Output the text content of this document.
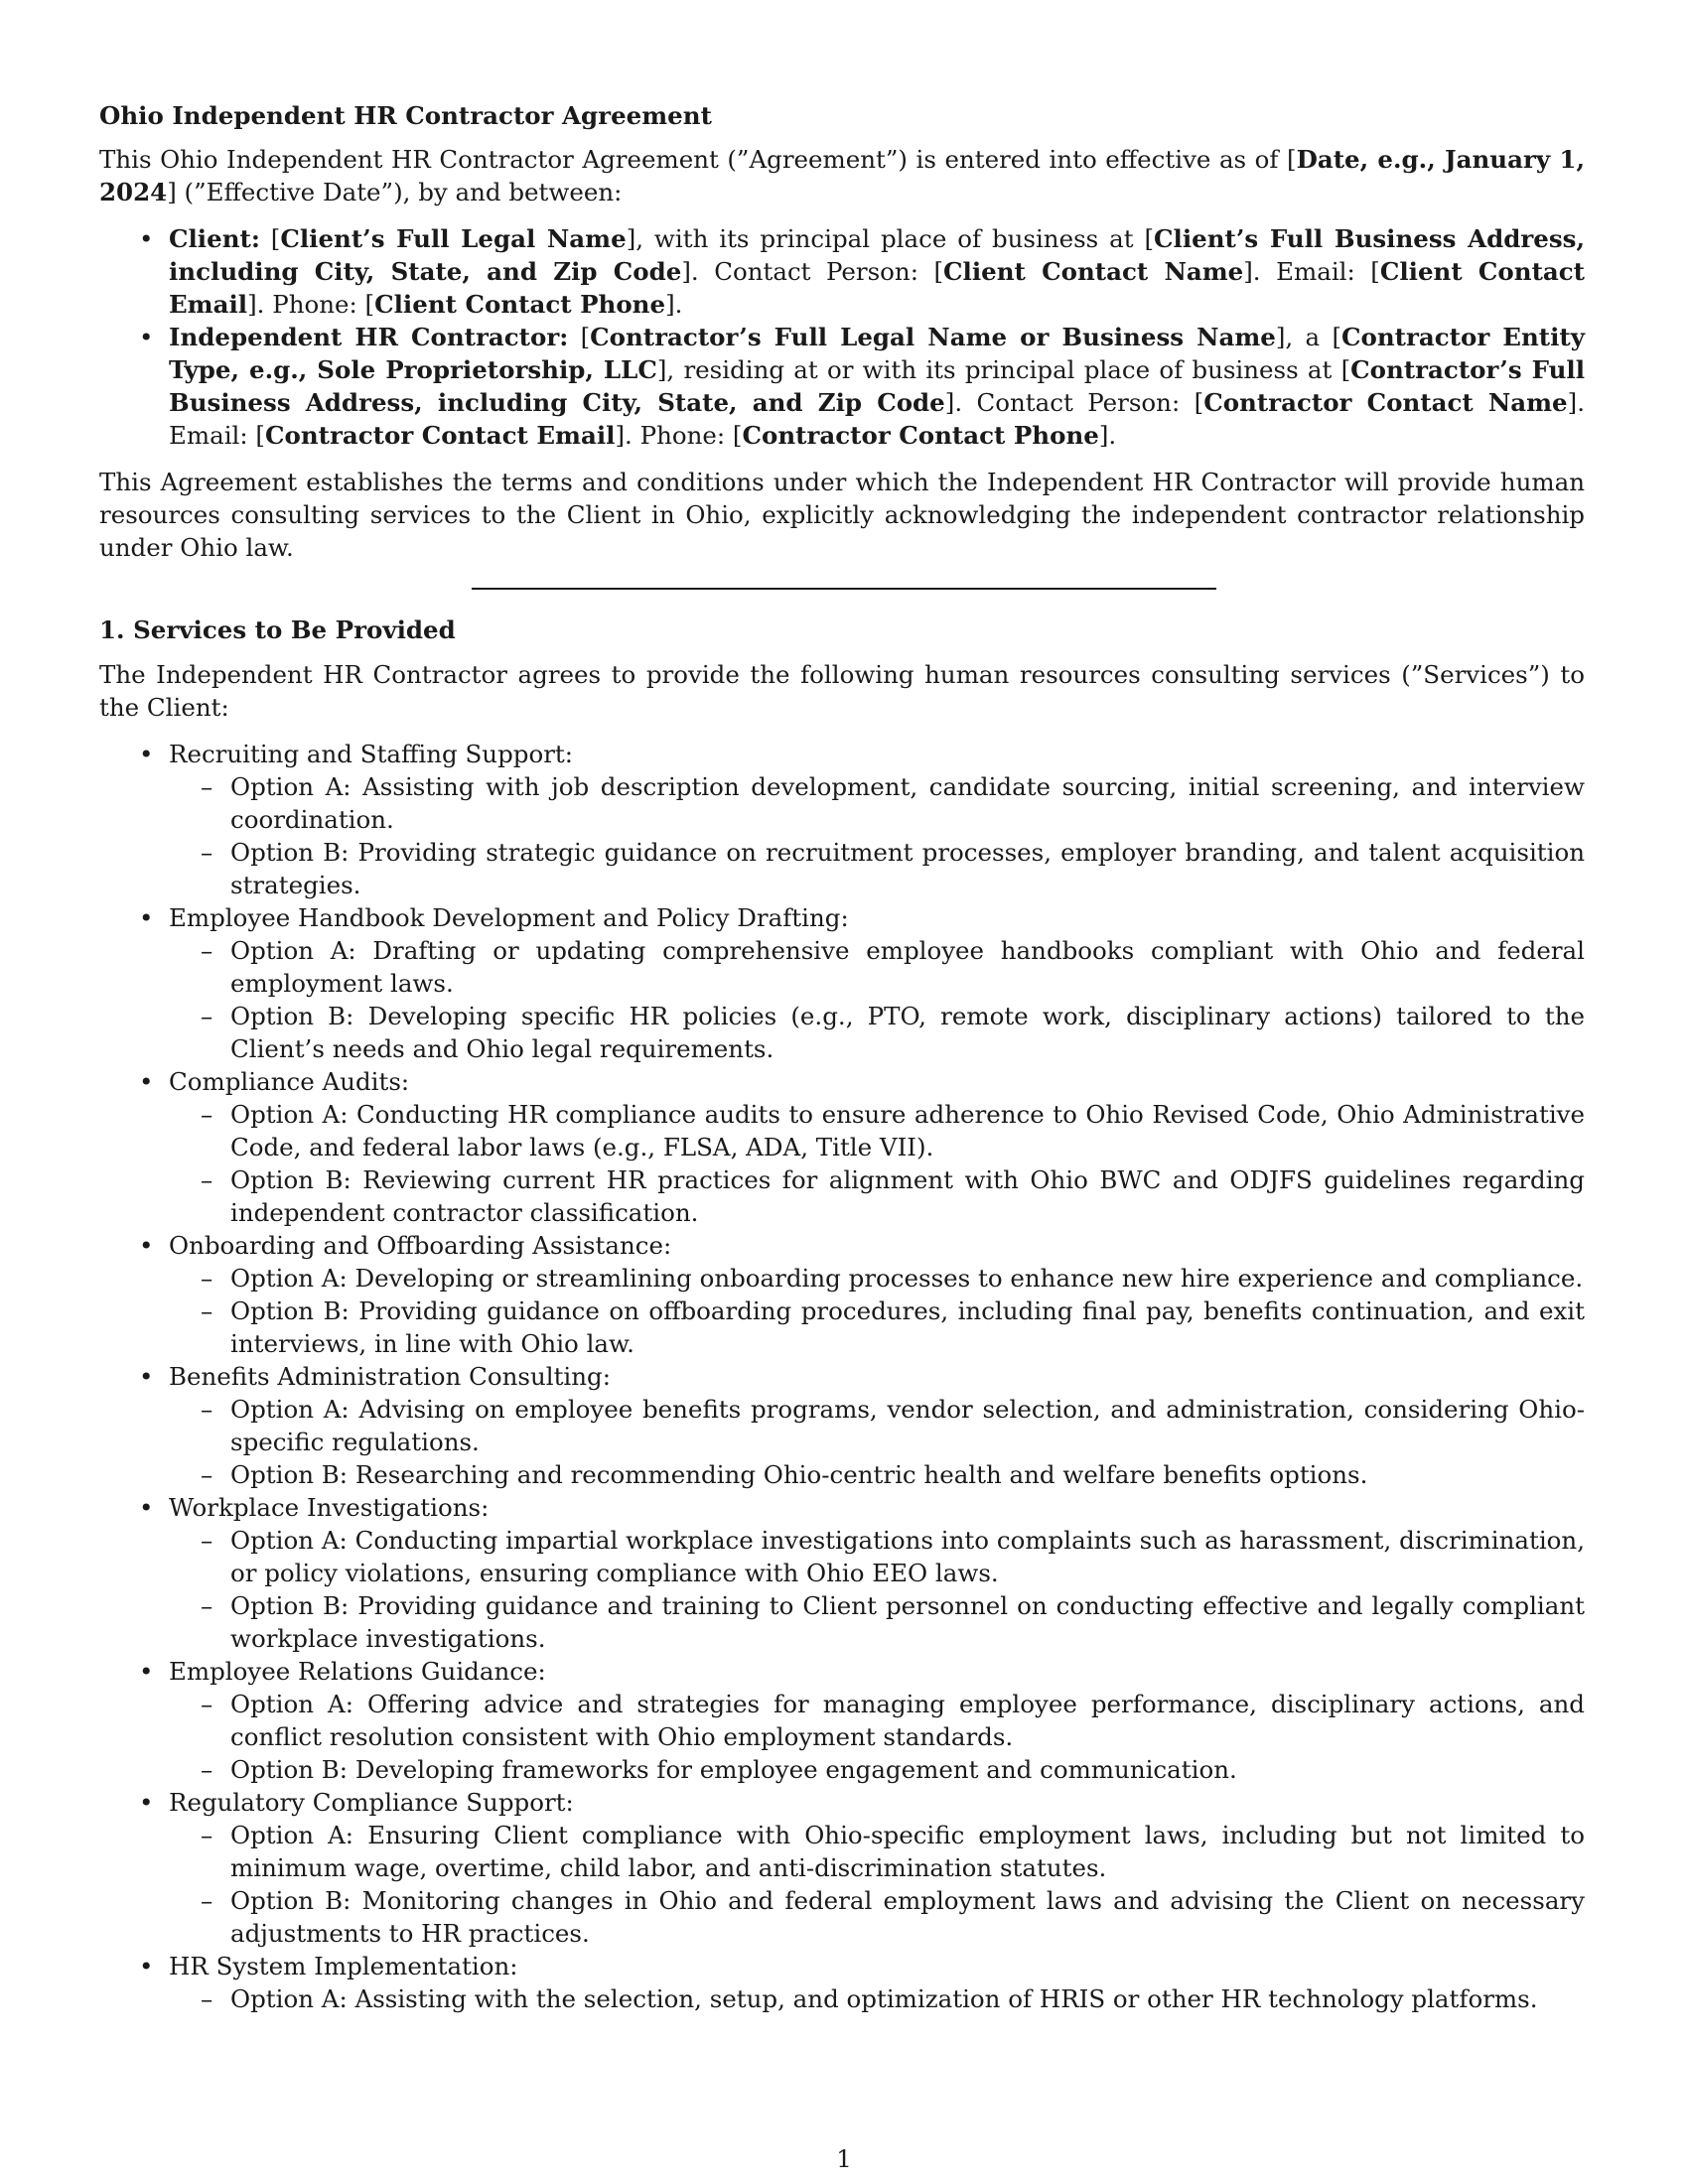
Ohio Independent HR Contractor Agreement

This Ohio Independent HR Contractor Agreement (”Agreement”) is entered into effective as of [Date, e.g., January 1, 2024] (”Effective Date”), by and between:

• Client: [Client’s Full Legal Name], with its principal place of business at [Client’s Full Business Address, including City, State, and Zip Code]. Contact Person: [Client Contact Name]. Email: [Client Contact Email]. Phone: [Client Contact Phone].
• Independent HR Contractor: [Contractor’s Full Legal Name or Business Name], a [Contractor Entity Type, e.g., Sole Proprietorship, LLC], residing at or with its principal place of business at [Contractor’s Full Business Address, including City, State, and Zip Code]. Contact Person: [Contractor Contact Name]. Email: [Contractor Contact Email]. Phone: [Contractor Contact Phone].

This Agreement establishes the terms and conditions under which the Independent HR Contractor will provide human resources consulting services to the Client in Ohio, explicitly acknowledging the independent contractor relationship under Ohio law.

1. Services to Be Provided

The Independent HR Contractor agrees to provide the following human resources consulting services (”Services”) to the Client:

• Recruiting and Staffing Support:
– Option A: Assisting with job description development, candidate sourcing, initial screening, and interview coordination.
– Option B: Providing strategic guidance on recruitment processes, employer branding, and talent acquisition strategies.
• Employee Handbook Development and Policy Drafting:
– Option A: Drafting or updating comprehensive employee handbooks compliant with Ohio and federal employment laws.
– Option B: Developing specific HR policies (e.g., PTO, remote work, disciplinary actions) tailored to the Client’s needs and Ohio legal requirements.
• Compliance Audits:
– Option A: Conducting HR compliance audits to ensure adherence to Ohio Revised Code, Ohio Administrative Code, and federal labor laws (e.g., FLSA, ADA, Title VII).
– Option B: Reviewing current HR practices for alignment with Ohio BWC and ODJFS guidelines regarding independent contractor classification.
• Onboarding and Offboarding Assistance:
– Option A: Developing or streamlining onboarding processes to enhance new hire experience and compliance.
– Option B: Providing guidance on offboarding procedures, including final pay, benefits continuation, and exit interviews, in line with Ohio law.
• Benefits Administration Consulting:
– Option A: Advising on employee benefits programs, vendor selection, and administration, considering Ohio-specific regulations.
– Option B: Researching and recommending Ohio-centric health and welfare benefits options.
• Workplace Investigations:
– Option A: Conducting impartial workplace investigations into complaints such as harassment, discrimination, or policy violations, ensuring compliance with Ohio EEO laws.
– Option B: Providing guidance and training to Client personnel on conducting effective and legally compliant workplace investigations.
• Employee Relations Guidance:
– Option A: Offering advice and strategies for managing employee performance, disciplinary actions, and conflict resolution consistent with Ohio employment standards.
– Option B: Developing frameworks for employee engagement and communication.
• Regulatory Compliance Support:
– Option A: Ensuring Client compliance with Ohio-specific employment laws, including but not limited to minimum wage, overtime, child labor, and anti-discrimination statutes.
– Option B: Monitoring changes in Ohio and federal employment laws and advising the Client on necessary adjustments to HR practices.
• HR System Implementation:
– Option A: Assisting with the selection, setup, and optimization of HRIS or other HR technology platforms.
1
